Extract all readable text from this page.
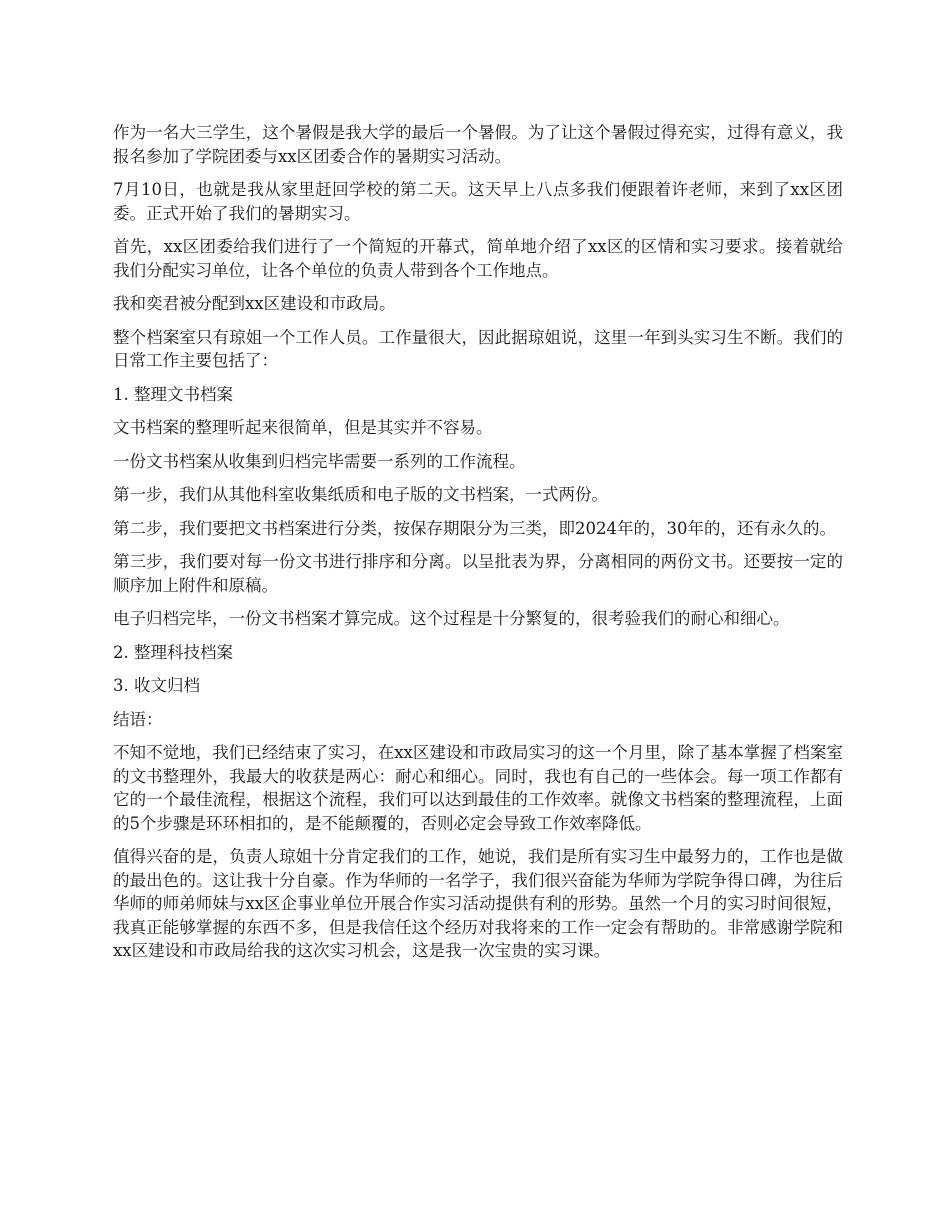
作为一名大三学生，这个暑假是我大学的最后一个暑假。为了让这个暑假过得充实，过得有意义，我报名参加了学院团委与xx区团委合作的暑期实习活动。

7月10日，也就是我从家里赶回学校的第二天。这天早上八点多我们便跟着许老师，来到了xx区团委。正式开始了我们的暑期实习。

首先，xx区团委给我们进行了一个简短的开幕式，简单地介绍了xx区的区情和实习要求。接着就给我们分配实习单位，让各个单位的负责人带到各个工作地点。

我和奕君被分配到xx区建设和市政局。

整个档案室只有琼姐一个工作人员。工作量很大，因此据琼姐说，这里一年到头实习生不断。我们的日常工作主要包括了：

1. 整理文书档案

文书档案的整理听起来很简单，但是其实并不容易。

一份文书档案从收集到归档完毕需要一系列的工作流程。

第一步，我们从其他科室收集纸质和电子版的文书档案，一式两份。

第二步，我们要把文书档案进行分类，按保存期限分为三类，即2024年的，30年的，还有永久的。

第三步，我们要对每一份文书进行排序和分离。以呈批表为界，分离相同的两份文书。还要按一定的顺序加上附件和原稿。

电子归档完毕，一份文书档案才算完成。这个过程是十分繁复的，很考验我们的耐心和细心。

2. 整理科技档案

3. 收文归档

结语：

不知不觉地，我们已经结束了实习，在xx区建设和市政局实习的这一个月里，除了基本掌握了档案室的文书整理外，我最大的收获是两心：耐心和细心。同时，我也有自己的一些体会。每一项工作都有它的一个最佳流程，根据这个流程，我们可以达到最佳的工作效率。就像文书档案的整理流程，上面的5个步骤是环环相扣的，是不能颠覆的，否则必定会导致工作效率降低。

值得兴奋的是，负责人琼姐十分肯定我们的工作，她说，我们是所有实习生中最努力的，工作也是做的最出色的。这让我十分自豪。作为华师的一名学子，我们很兴奋能为华师为学院争得口碑，为往后华师的师弟师妹与xx区企事业单位开展合作实习活动提供有利的形势。虽然一个月的实习时间很短，我真正能够掌握的东西不多，但是我信任这个经历对我将来的工作一定会有帮助的。非常感谢学院和xx区建设和市政局给我的这次实习机会，这是我一次宝贵的实习课。
